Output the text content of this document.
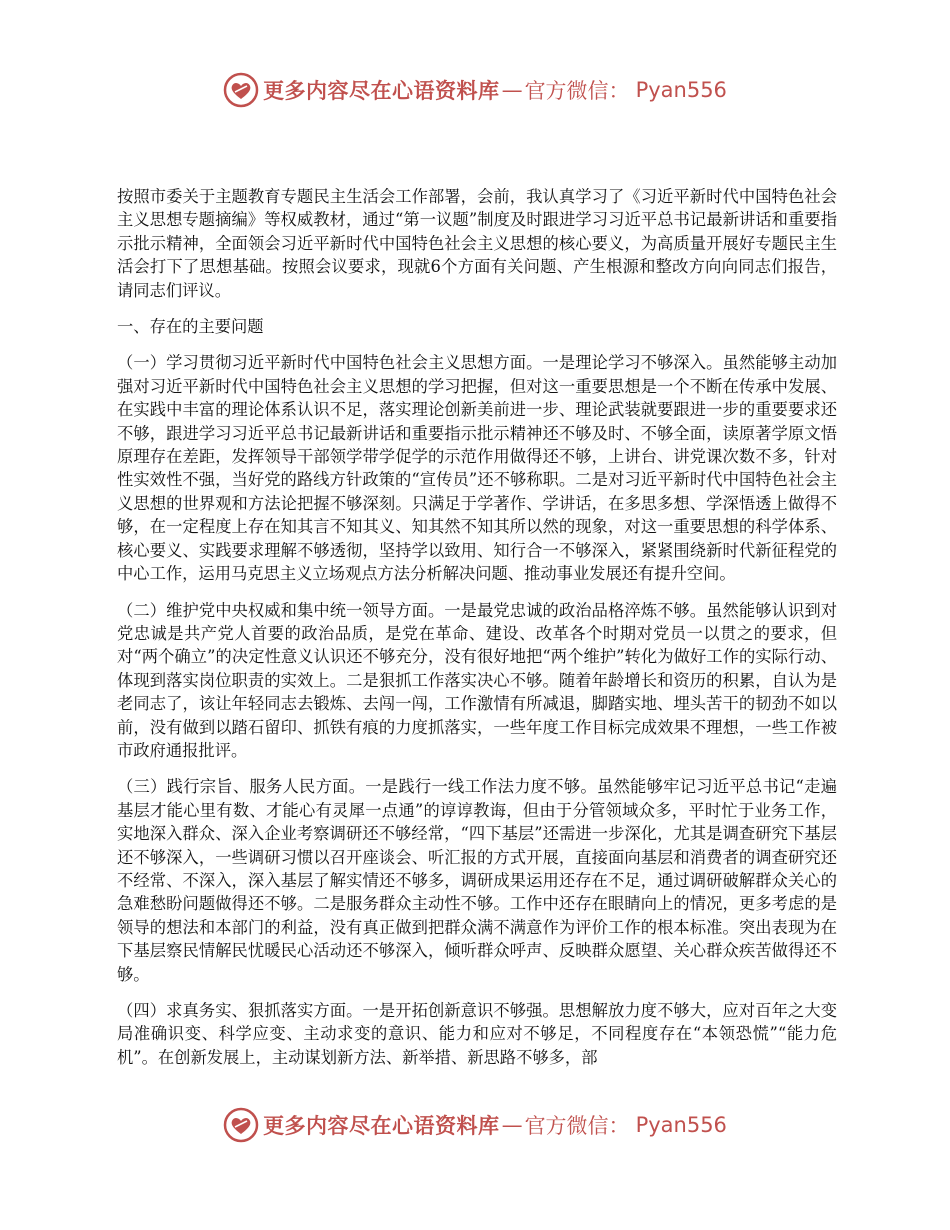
更多内容尽在心语资料库 — 官方微信： Pyan556

按照市委关于主题教育专题民主生活会工作部署，会前，我认真学习了《习近平新时代中国特色社会主义思想专题摘编》等权威教材，通过“第一议题”制度及时跟进学习习近平总书记最新讲话和重要指示批示精神，全面领会习近平新时代中国特色社会主义思想的核心要义，为高质量开展好专题民主生活会打下了思想基础。按照会议要求，现就6个方面有关问题、产生根源和整改方向向同志们报告，请同志们评议。

一、存在的主要问题

（一）学习贯彻习近平新时代中国特色社会主义思想方面。一是理论学习不够深入。虽然能够主动加强对习近平新时代中国特色社会主义思想的学习把握，但对这一重要思想是一个不断在传承中发展、在实践中丰富的理论体系认识不足，落实理论创新美前进一步、理论武装就要跟进一步的重要要求还不够，跟进学习习近平总书记最新讲话和重要指示批示精神还不够及时、不够全面，读原著学原文悟原理存在差距，发挥领导干部领学带学促学的示范作用做得还不够，上讲台、讲党课次数不多，针对性实效性不强，当好党的路线方针政策的“宣传员”还不够称职。二是对习近平新时代中国特色社会主义思想的世界观和方法论把握不够深刻。只满足于学著作、学讲话，在多思多想、学深悟透上做得不够，在一定程度上存在知其言不知其义、知其然不知其所以然的现象，对这一重要思想的科学体系、核心要义、实践要求理解不够透彻，坚持学以致用、知行合一不够深入，紧紧围绕新时代新征程党的中心工作，运用马克思主义立场观点方法分析解决问题、推动事业发展还有提升空间。

（二）维护党中央权威和集中统一领导方面。一是最党忠诚的政治品格淬炼不够。虽然能够认识到对党忠诚是共产党人首要的政治品质，是党在革命、建设、改革各个时期对党员一以贯之的要求，但对“两个确立”的决定性意义认识还不够充分，没有很好地把“两个维护”转化为做好工作的实际行动、体现到落实岗位职责的实效上。二是狠抓工作落实决心不够。随着年龄增长和资历的积累，自认为是老同志了，该让年轻同志去锻炼、去闯一闯，工作激情有所减退，脚踏实地、埋头苦干的韧劲不如以前，没有做到以踏石留印、抓铁有痕的力度抓落实，一些年度工作目标完成效果不理想，一些工作被市政府通报批评。

（三）践行宗旨、服务人民方面。一是践行一线工作法力度不够。虽然能够牢记习近平总书记“走遍基层才能心里有数、才能心有灵犀一点通”的谆谆教诲，但由于分管领域众多，平时忙于业务工作，实地深入群众、深入企业考察调研还不够经常，“四下基层”还需进一步深化，尤其是调查研究下基层还不够深入，一些调研习惯以召开座谈会、听汇报的方式开展，直接面向基层和消费者的调查研究还不经常、不深入，深入基层了解实情还不够多，调研成果运用还存在不足，通过调研破解群众关心的急难愁盼问题做得还不够。二是服务群众主动性不够。工作中还存在眼睛向上的情况，更多考虑的是领导的想法和本部门的利益，没有真正做到把群众满不满意作为评价工作的根本标准。突出表现为在下基层察民情解民忧暖民心活动还不够深入，倾听群众呼声、反映群众愿望、关心群众疾苦做得还不够。

（四）求真务实、狠抓落实方面。一是开拓创新意识不够强。思想解放力度不够大，应对百年之大变局准确识变、科学应变、主动求变的意识、能力和应对不够足，不同程度存在“本领恐慌”“能力危机”。在创新发展上，主动谋划新方法、新举措、新思路不够多，部

更多内容尽在心语资料库 — 官方微信： Pyan556
